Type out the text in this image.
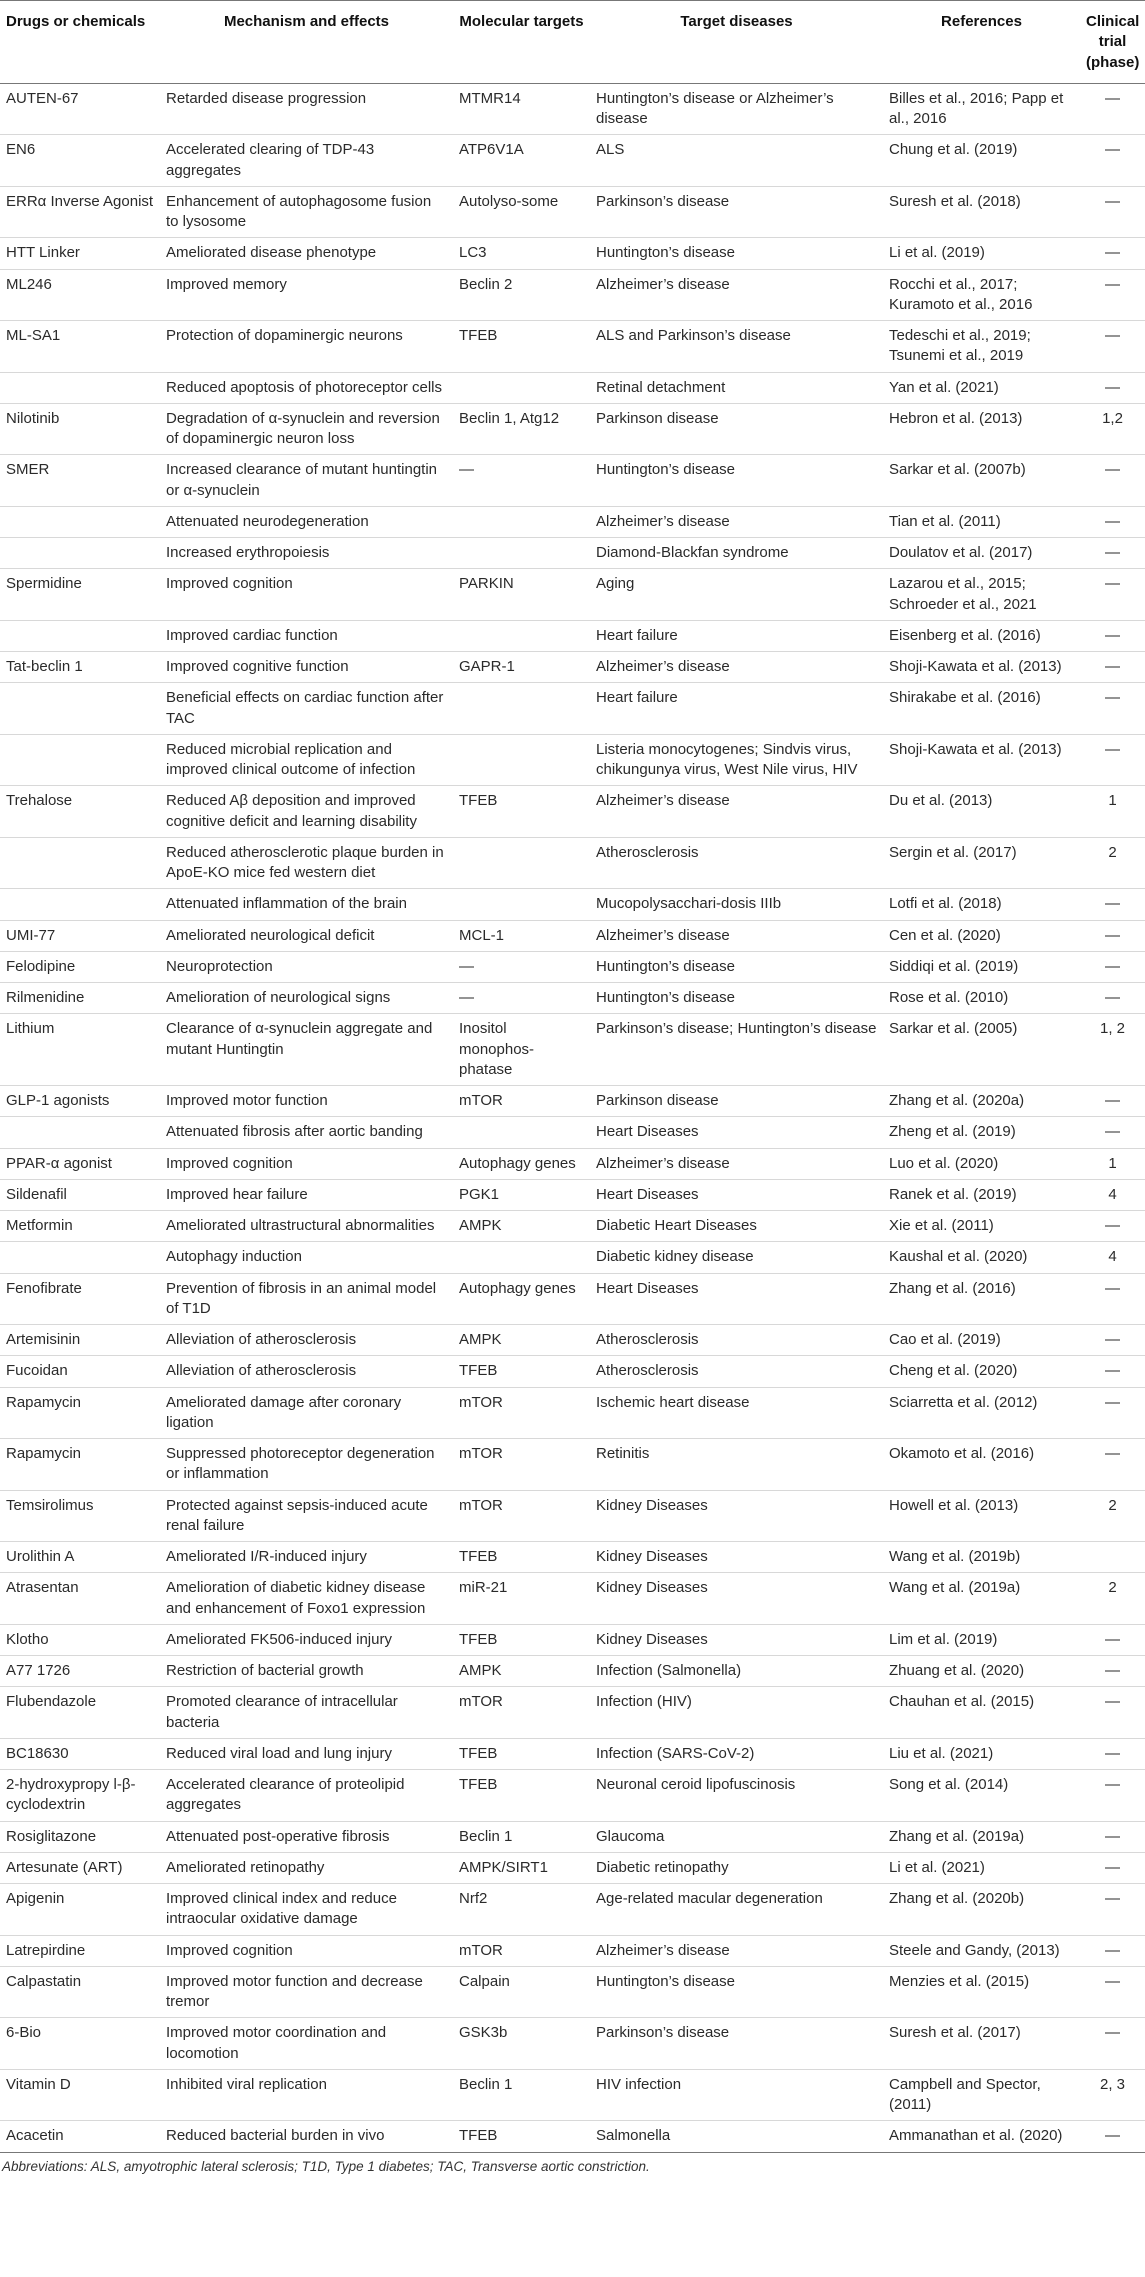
Drugs or chemicals	Mechanism and effects	Molecular targets	Target diseases	References	Clinical trial (phase)
AUTEN-67	Retarded disease progression	MTMR14	Huntington’s disease or Alzheimer’s disease	Billes et al., 2016; Papp et al., 2016	—
EN6	Accelerated clearing of TDP-43 aggregates	ATP6V1A	ALS	Chung et al. (2019)	—
ERRα Inverse Agonist	Enhancement of autophagosome fusion to lysosome	Autolyso-some	Parkinson’s disease	Suresh et al. (2018)	—
HTT Linker	Ameliorated disease phenotype	LC3	Huntington’s disease	Li et al. (2019)	—
ML246	Improved memory	Beclin 2	Alzheimer’s disease	Rocchi et al., 2017; Kuramoto et al., 2016	—
ML-SA1	Protection of dopaminergic neurons	TFEB	ALS and Parkinson’s disease	Tedeschi et al., 2019; Tsunemi et al., 2019	—
	Reduced apoptosis of photoreceptor cells		Retinal detachment	Yan et al. (2021)	—
Nilotinib	Degradation of α-synuclein and reversion of dopaminergic neuron loss	Beclin 1, Atg12	Parkinson disease	Hebron et al. (2013)	1,2
SMER	Increased clearance of mutant huntingtin or α-synuclein	—	Huntington’s disease	Sarkar et al. (2007b)	—
	Attenuated neurodegeneration		Alzheimer’s disease	Tian et al. (2011)	—
	Increased erythropoiesis		Diamond-Blackfan syndrome	Doulatov et al. (2017)	—
Spermidine	Improved cognition	PARKIN	Aging	Lazarou et al., 2015; Schroeder et al., 2021	—
	Improved cardiac function		Heart failure	Eisenberg et al. (2016)	—
Tat-beclin 1	Improved cognitive function	GAPR-1	Alzheimer’s disease	Shoji-Kawata et al. (2013)	—
	Beneficial effects on cardiac function after TAC		Heart failure	Shirakabe et al. (2016)	—
	Reduced microbial replication and improved clinical outcome of infection		Listeria monocytogenes; Sindvis virus, chikungunya virus, West Nile virus, HIV	Shoji-Kawata et al. (2013)	—
Trehalose	Reduced Aβ deposition and improved cognitive deficit and learning disability	TFEB	Alzheimer’s disease	Du et al. (2013)	1
	Reduced atherosclerotic plaque burden in ApoE-KO mice fed western diet		Atherosclerosis	Sergin et al. (2017)	2
	Attenuated inflammation of the brain		Mucopolysacchari-dosis IIIb	Lotfi et al. (2018)	—
UMI-77	Ameliorated neurological deficit	MCL-1	Alzheimer’s disease	Cen et al. (2020)	—
Felodipine	Neuroprotection	—	Huntington’s disease	Siddiqi et al. (2019)	—
Rilmenidine	Amelioration of neurological signs	—	Huntington’s disease	Rose et al. (2010)	—
Lithium	Clearance of α-synuclein aggregate and mutant Huntingtin	Inositol monophos-phatase	Parkinson’s disease; Huntington’s disease	Sarkar et al. (2005)	1, 2
GLP-1 agonists	Improved motor function	mTOR	Parkinson disease	Zhang et al. (2020a)	—
	Attenuated fibrosis after aortic banding		Heart Diseases	Zheng et al. (2019)	—
PPAR-α agonist	Improved cognition	Autophagy genes	Alzheimer’s disease	Luo et al. (2020)	1
Sildenafil	Improved hear failure	PGK1	Heart Diseases	Ranek et al. (2019)	4
Metformin	Ameliorated ultrastructural abnormalities	AMPK	Diabetic Heart Diseases	Xie et al. (2011)	—
	Autophagy induction		Diabetic kidney disease	Kaushal et al. (2020)	4
Fenofibrate	Prevention of fibrosis in an animal model of T1D	Autophagy genes	Heart Diseases	Zhang et al. (2016)	—
Artemisinin	Alleviation of atherosclerosis	AMPK	Atherosclerosis	Cao et al. (2019)	—
Fucoidan	Alleviation of atherosclerosis	TFEB	Atherosclerosis	Cheng et al. (2020)	—
Rapamycin	Ameliorated damage after coronary ligation	mTOR	Ischemic heart disease	Sciarretta et al. (2012)	—
Rapamycin	Suppressed photoreceptor degeneration or inflammation	mTOR	Retinitis	Okamoto et al. (2016)	—
Temsirolimus	Protected against sepsis-induced acute renal failure	mTOR	Kidney Diseases	Howell et al. (2013)	2
Urolithin A	Ameliorated I/R-induced injury	TFEB	Kidney Diseases	Wang et al. (2019b)	
Atrasentan	Amelioration of diabetic kidney disease and enhancement of Foxo1 expression	miR-21	Kidney Diseases	Wang et al. (2019a)	2
Klotho	Ameliorated FK506-induced injury	TFEB	Kidney Diseases	Lim et al. (2019)	—
A77 1726	Restriction of bacterial growth	AMPK	Infection (Salmonella)	Zhuang et al. (2020)	—
Flubendazole	Promoted clearance of intracellular bacteria	mTOR	Infection (HIV)	Chauhan et al. (2015)	—
BC18630	Reduced viral load and lung injury	TFEB	Infection (SARS-CoV-2)	Liu et al. (2021)	—
2-hydroxypropy l-β-cyclodextrin	Accelerated clearance of proteolipid aggregates	TFEB	Neuronal ceroid lipofuscinosis	Song et al. (2014)	—
Rosiglitazone	Attenuated post-operative fibrosis	Beclin 1	Glaucoma	Zhang et al. (2019a)	—
Artesunate (ART)	Ameliorated retinopathy	AMPK/SIRT1	Diabetic retinopathy	Li et al. (2021)	—
Apigenin	Improved clinical index and reduce intraocular oxidative damage	Nrf2	Age-related macular degeneration	Zhang et al. (2020b)	—
Latrepirdine	Improved cognition	mTOR	Alzheimer’s disease	Steele and Gandy, (2013)	—
Calpastatin	Improved motor function and decrease tremor	Calpain	Huntington’s disease	Menzies et al. (2015)	—
6-Bio	Improved motor coordination and locomotion	GSK3b	Parkinson’s disease	Suresh et al. (2017)	—
Vitamin D	Inhibited viral replication	Beclin 1	HIV infection	Campbell and Spector, (2011)	2, 3
Acacetin	Reduced bacterial burden in vivo	TFEB	Salmonella	Ammanathan et al. (2020)	—
Abbreviations: ALS, amyotrophic lateral sclerosis; T1D, Type 1 diabetes; TAC, Transverse aortic constriction.
